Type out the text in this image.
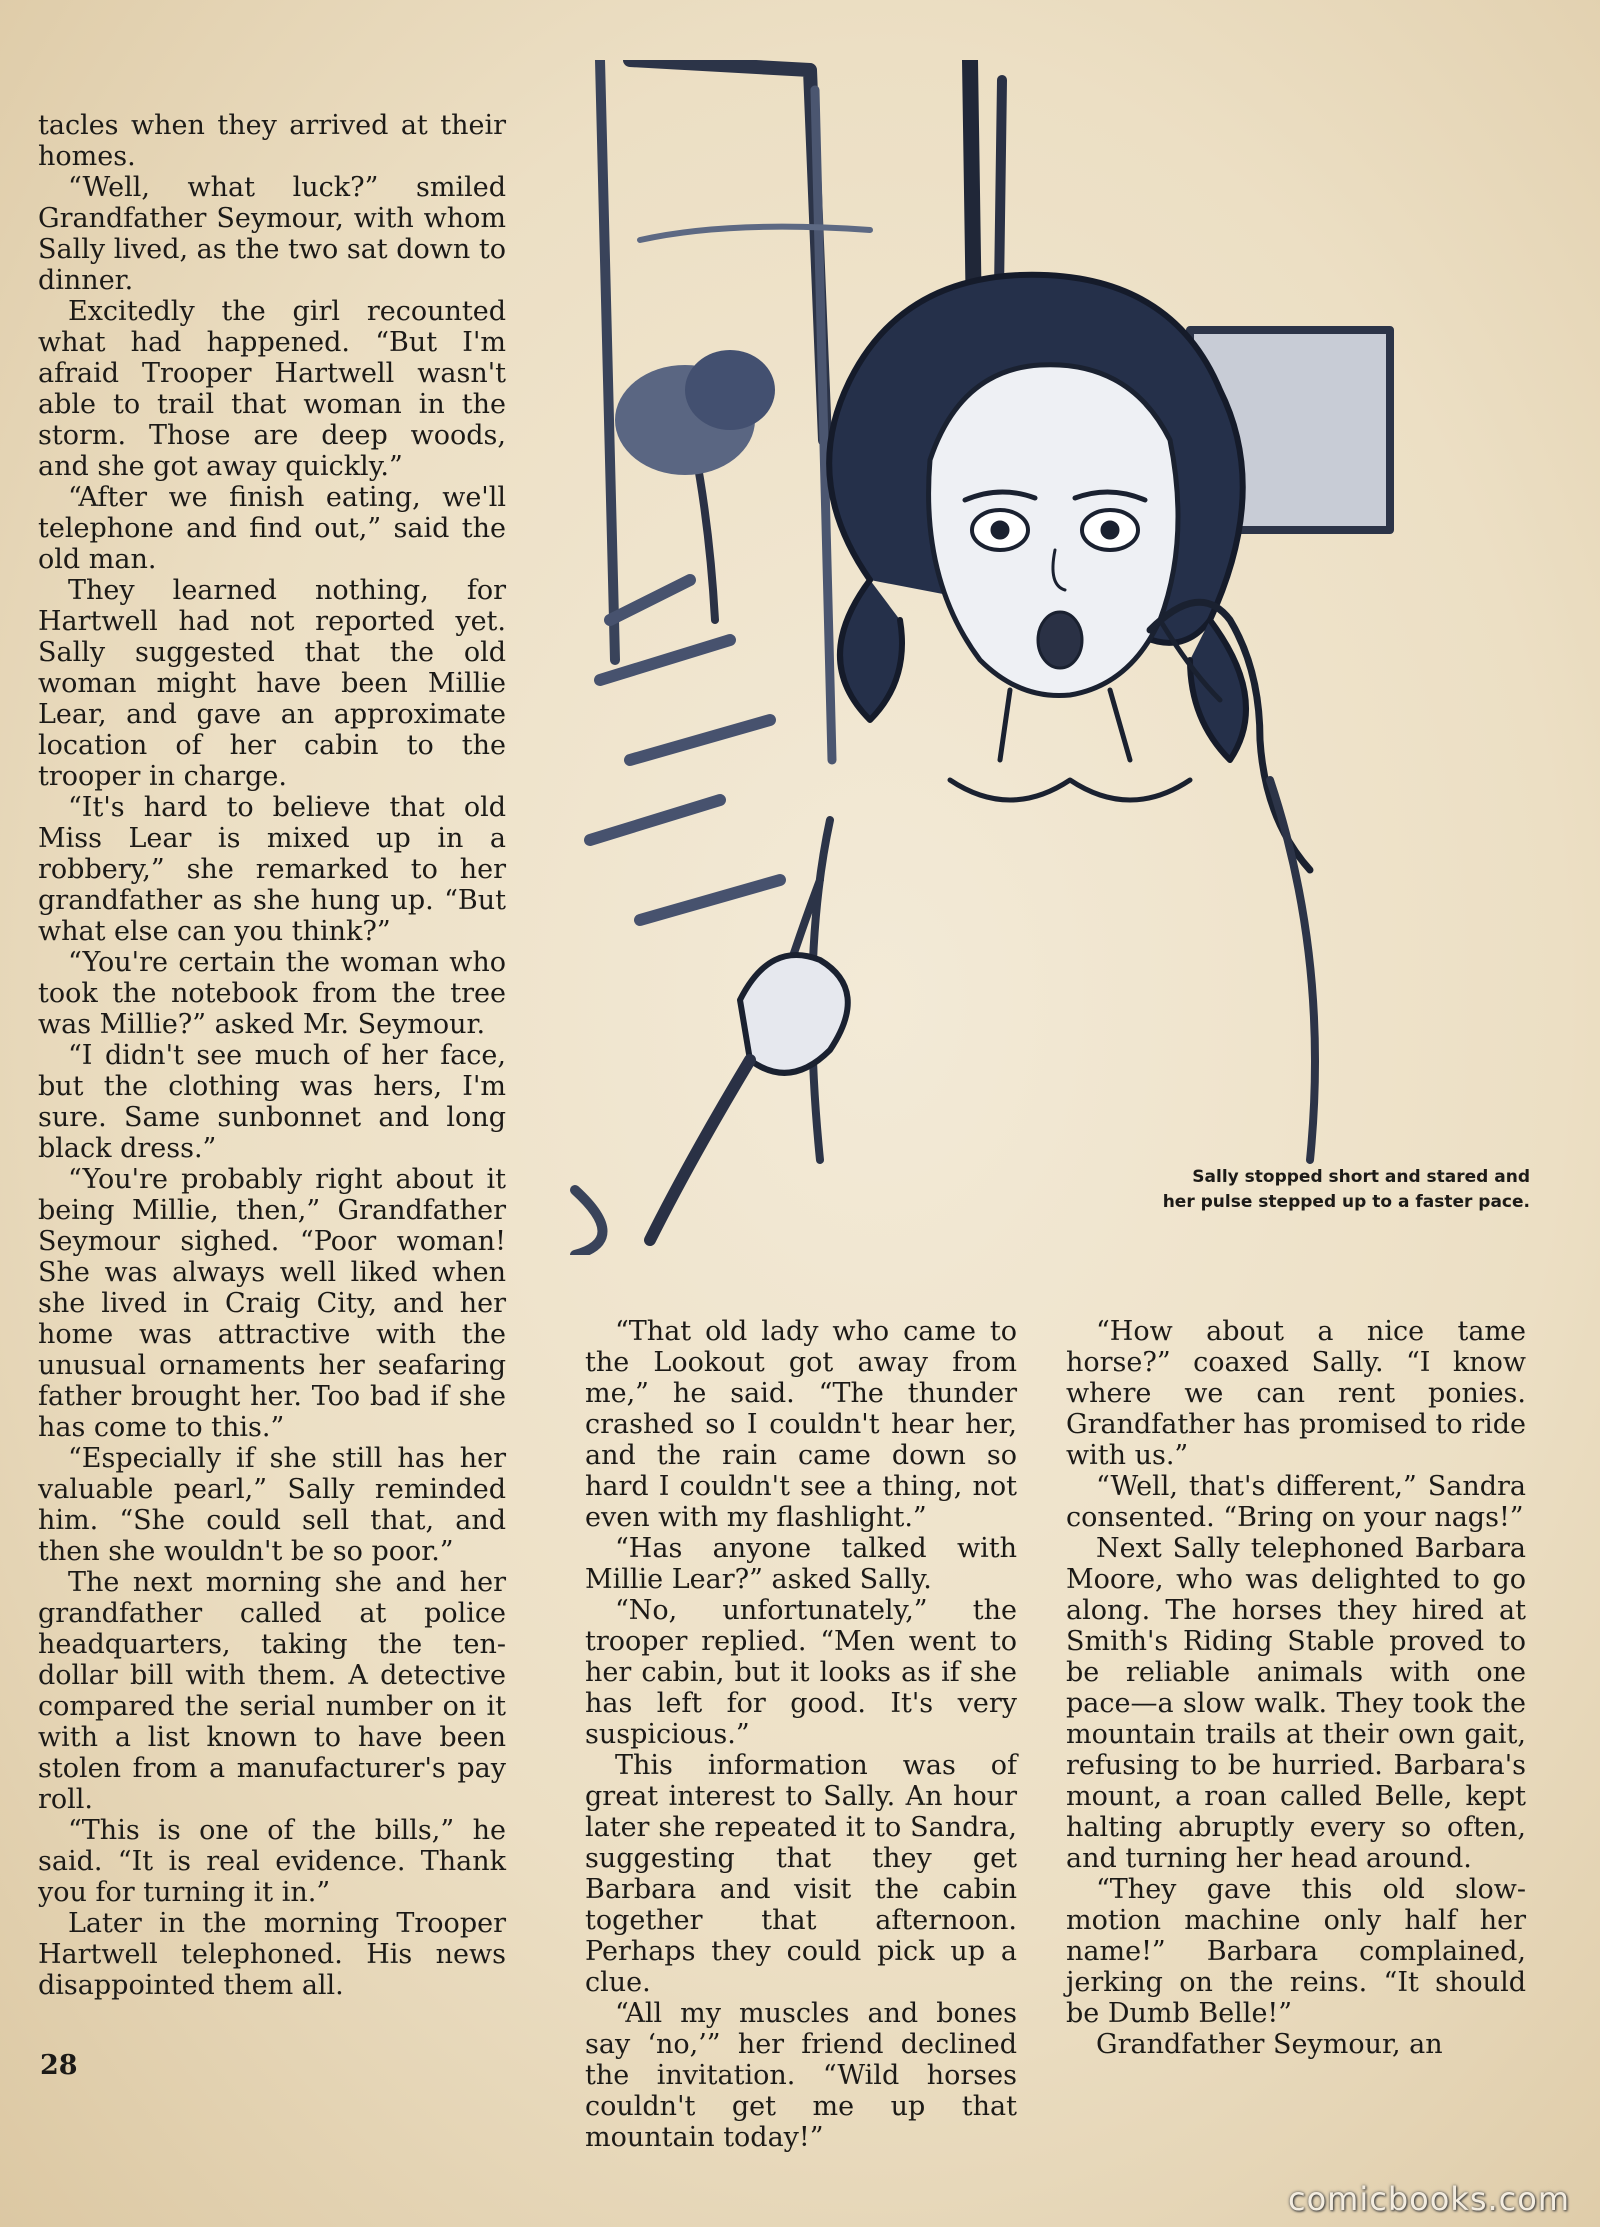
tacles when they arrived at their homes.

“Well, what luck?” smiled Grandfather Seymour, with whom Sally lived, as the two sat down to dinner.

Excitedly the girl recounted what had happened. “But I'm afraid Trooper Hartwell wasn't able to trail that woman in the storm. Those are deep woods, and she got away quickly.”

“After we finish eating, we'll telephone and find out,” said the old man.

They learned nothing, for Hartwell had not reported yet. Sally suggested that the old woman might have been Millie Lear, and gave an approximate location of her cabin to the trooper in charge.

“It's hard to believe that old Miss Lear is mixed up in a robbery,” she remarked to her grandfather as she hung up. “But what else can you think?”

“You're certain the woman who took the notebook from the tree was Millie?” asked Mr. Seymour.

“I didn't see much of her face, but the clothing was hers, I'm sure. Same sunbonnet and long black dress.”

“You're probably right about it being Millie, then,” Grandfather Seymour sighed. “Poor woman! She was always well liked when she lived in Craig City, and her home was attractive with the unusual ornaments her seafaring father brought her. Too bad if she has come to this.”

“Especially if she still has her valuable pearl,” Sally reminded him. “She could sell that, and then she wouldn't be so poor.”

The next morning she and her grandfather called at police headquarters, taking the ten-dollar bill with them. A detective compared the serial number on it with a list known to have been stolen from a manufacturer's pay roll.

“This is one of the bills,” he said. “It is real evidence. Thank you for turning it in.”

Later in the morning Trooper Hartwell telephoned. His news disappointed them all.

Sally stopped short and stared and
her pulse stepped up to a faster pace.

“That old lady who came to the Lookout got away from me,” he said. “The thunder crashed so I couldn't hear her, and the rain came down so hard I couldn't see a thing, not even with my flashlight.”

“Has anyone talked with Millie Lear?” asked Sally.

“No, unfortunately,” the trooper replied. “Men went to her cabin, but it looks as if she has left for good. It's very suspicious.”

This information was of great interest to Sally. An hour later she repeated it to Sandra, suggesting that they get Barbara and visit the cabin together that afternoon. Perhaps they could pick up a clue.

“All my muscles and bones say ‘no,’” her friend declined the invitation. “Wild horses couldn't get me up that mountain today!”

“How about a nice tame horse?” coaxed Sally. “I know where we can rent ponies. Grandfather has promised to ride with us.”

“Well, that's different,” Sandra consented. “Bring on your nags!”

Next Sally telephoned Barbara Moore, who was delighted to go along. The horses they hired at Smith's Riding Stable proved to be reliable animals with one pace—a slow walk. They took the mountain trails at their own gait, refusing to be hurried. Barbara's mount, a roan called Belle, kept halting abruptly every so often, and turning her head around.

“They gave this old slow-motion machine only half her name!” Barbara complained, jerking on the reins. “It should be Dumb Belle!”

Grandfather Seymour, an

28
comicbooks.com
